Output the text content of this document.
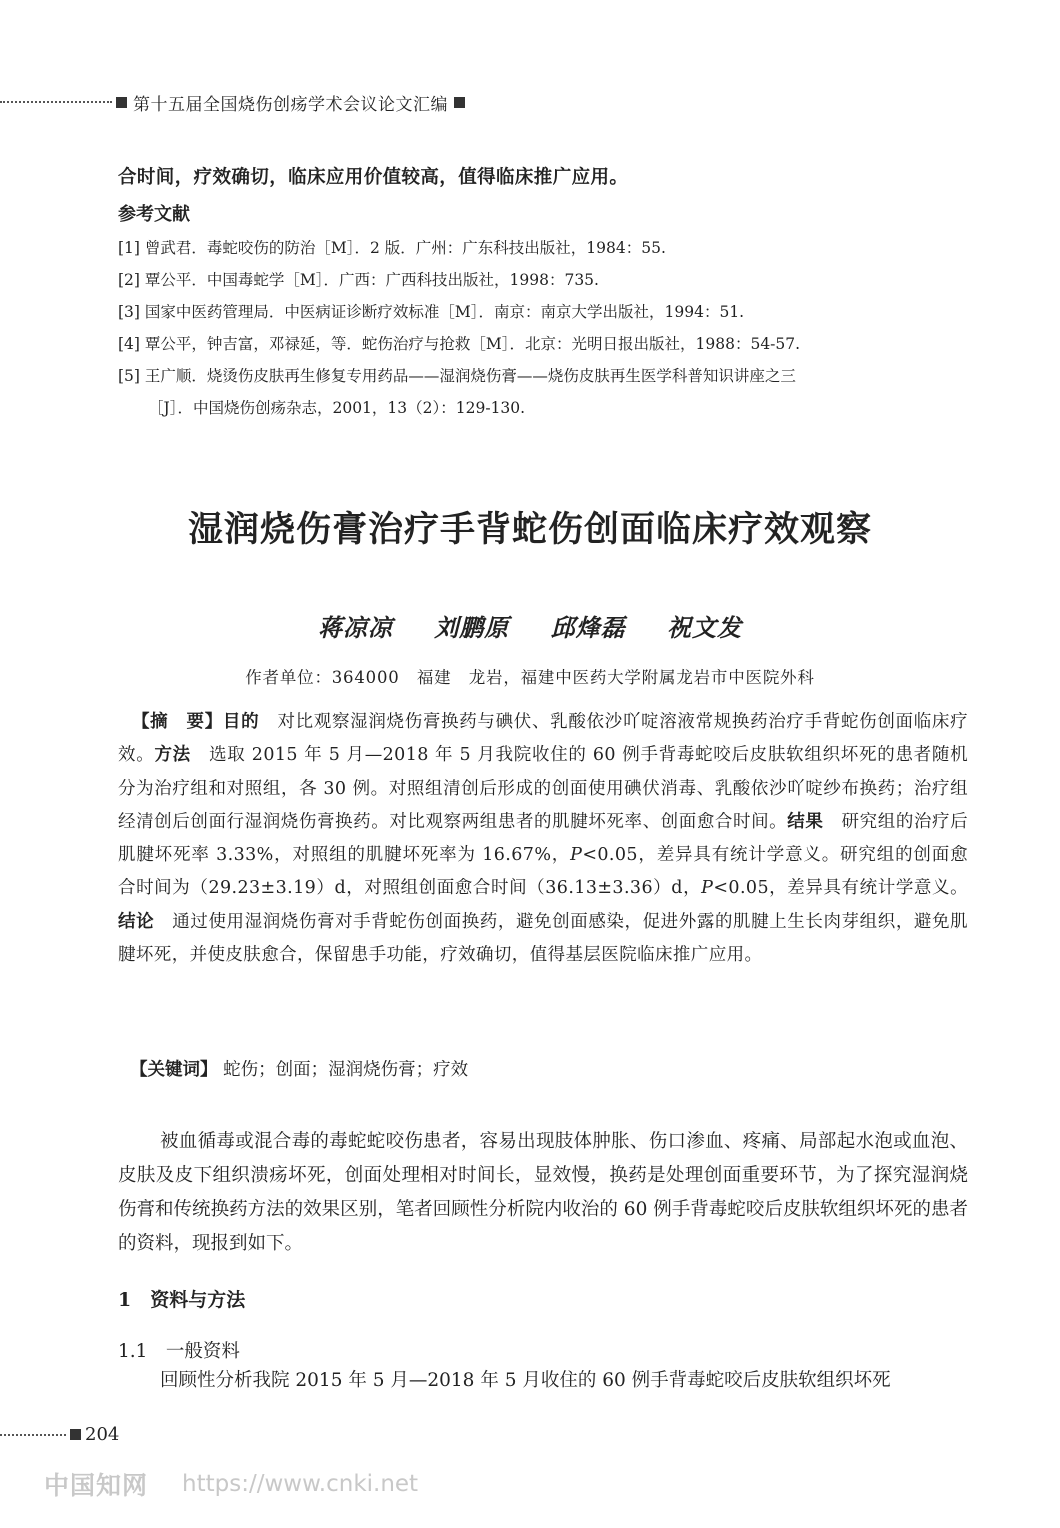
第十五届全国烧伤创疡学术会议论文汇编
合时间，疗效确切，临床应用价值较高，值得临床推广应用。
参考文献
[1] 曾武君．毒蛇咬伤的防治［M］．2 版．广州：广东科技出版社，1984：55.
[2] 覃公平．中国毒蛇学［M］．广西：广西科技出版社，1998：735.
[3] 国家中医药管理局．中医病证诊断疗效标准［M］．南京：南京大学出版社，1994：51.
[4] 覃公平，钟吉富，邓禄延，等．蛇伤治疗与抢救［M］．北京：光明日报出版社，1988：54-57.
[5] 王广顺．烧烫伤皮肤再生修复专用药品——湿润烧伤膏——烧伤皮肤再生医学科普知识讲座之三
［J］．中国烧伤创疡杂志，2001，13（2）：129-130.
湿润烧伤膏治疗手背蛇伤创面临床疗效观察
蒋凉凉 刘鹏原 邱烽磊 祝文发
作者单位：364000　福建　龙岩，福建中医药大学附属龙岩市中医院外科

【摘　要】目的　对比观察湿润烧伤膏换药与碘伏、乳酸依沙吖啶溶液常规换药治疗手背蛇伤创面临床疗效。方法　选取 2015 年 5 月—2018 年 5 月我院收住的 60 例手背毒蛇咬后皮肤软组织坏死的患者随机分为治疗组和对照组，各 30 例。对照组清创后形成的创面使用碘伏消毒、乳酸依沙吖啶纱布换药；治疗组经清创后创面行湿润烧伤膏换药。对比观察两组患者的肌腱坏死率、创面愈合时间。结果　研究组的治疗后肌腱坏死率 3.33%，对照组的肌腱坏死率为 16.67%，P<0.05，差异具有统计学意义。研究组的创面愈合时间为（29.23±3.19）d，对照组创面愈合时间（36.13±3.36）d，P<0.05，差异具有统计学意义。结论　通过使用湿润烧伤膏对手背蛇伤创面换药，避免创面感染，促进外露的肌腱上生长肉芽组织，避免肌腱坏死，并使皮肤愈合，保留患手功能，疗效确切，值得基层医院临床推广应用。

【关键词】 蛇伤；创面；湿润烧伤膏；疗效

被血循毒或混合毒的毒蛇蛇咬伤患者，容易出现肢体肿胀、伤口渗血、疼痛、局部起水泡或血泡、皮肤及皮下组织溃疡坏死，创面处理相对时间长，显效慢，换药是处理创面重要环节，为了探究湿润烧伤膏和传统换药方法的效果区别，笔者回顾性分析院内收治的 60 例手背毒蛇咬后皮肤软组织坏死的患者的资料，现报到如下。

1　资料与方法
1.1　一般资料

回顾性分析我院 2015 年 5 月—2018 年 5 月收住的 60 例手背毒蛇咬后皮肤软组织坏死

204
中国知网 https://www.cnki.net
